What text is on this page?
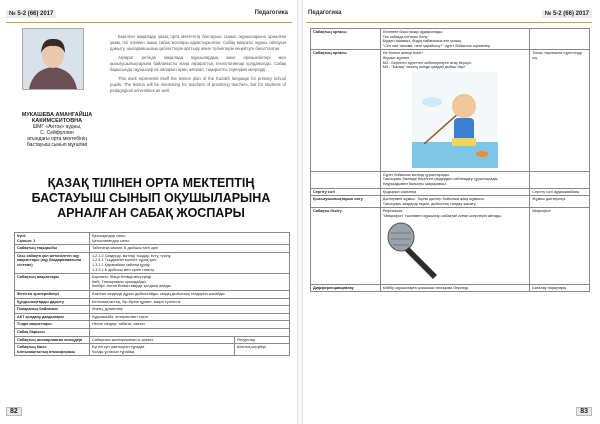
№ 5-2 (66) 2017	Педагогика
МУКАШЕВА АМАНГАЙША КАКИМСЕИТОВНА
ШМГ «Анток» аудны,
С. Сейфуллин
атындағы орта мектебінің
бастауыш сынып мұғалімі

Берілген мақалада қазақ орта мектептің бастауыш сынып оқушыларына арналған қазақ тілі пәнінен ашық сабақ жоспары қарастырылған. Сабақ мақсаты оқушы ойлауын дамыту, шығармашылық қабілеттерін арттыру және түсініктерін кеңейтуге бағытталған.

Ақпарат ретінде мақалада оқушылардың жеке ерекшеліктері мен қызығушылықтарына байланысты жаңа ақпараттық технологиялар қолданылды. Сабақ барысында оқушылар өз ойларын еркін жеткізіп, тақырыпты тереңірек меңгерді.

This work represents itself the lesson plan of the Kazakh language for primary school pupils. The lesson will be interesting for teachers of practicing teachers, but for students of pedagogical universities as well.

ҚАЗАҚ ТІЛІНЕН ОРТА МЕКТЕПТІҢ БАСТАУЫШ СЫНЫП ОҚУШЫЛАРЫНА АРНАЛҒАН САБАҚ ЖОСПАРЫ
Күні:
Сынып: 1	Қатысқандар саны:
Қатыспағандар саны:	
Сабақтың тақырыбы	Табиғатқа саяхат. Б дыбысы мен әрпі	
Осы сабақта қол жеткізілетін оқу мақсаттары (оқу бағдарламасына сілтеме)	1.2.1.2 Сөздерді, мәтінді тыңдау, есту, түсіну.
1.2.4.1 Тыңдалған мәтінге сұрақ қою.
1.3.1.1 Қарапайым сөйлем құрау.
1.3.5.1 Б дыбысы мен әрпін таныту.	
Сабақтың мақсаттары	Барлығы: Жаңа білімді меңгереді.
Көбі: Тапсырманы орындайды.
Кейбірі: Алған білімін өмірде қолдана алады.	
Жетістік критерийлері	Аталған сөздерді дұрыс дыбыстайды, сөздің дыбыстық талдауын жасайды.	
Құндылықтарды дарыту	Ынтымақтастық, бір-біріне құрмет, өзара түсіністік.	
Пәнаралық байланыс	Өзінің, дүниетану	
АКТ қолдану дағдылары	Аудиожазба, интерактивті тақта	
Тілдік мақсаттары	Негізгі сөздер: табиғат, саяхат	
Сабақ барысы		
Сабақтың жоспарланған кезеңдері	Сабақтағы жоспарланған іс-әрекет	Ресурстар
Сабақтың басы
Ынтымақтастық атмосферасы	Бүгінгі күн шаттықтан тұрады!
Қолды ұстасып тұрайық.	Шаттық шеңбері
82
Педагогика	№ 5-2 (66) 2017
Сабақтың ортасы	Әліппеге баса назар аударылады.
Тек сабаққа ынталы болу.
Бірден ашамыз, біздің сабағымыз өте қызық.
"Сен сия тасыма, неге қарайсың?" сурет бойынша әңгімелеу.	

Сабақтың ортасы	Не болып жатыр екен?
Жұмыс жұппен
М2 - Берілген суреттегі кейіпкерлерге атау беріңіз.
М3 - "Балық" сөзінің ішінде қандай дыбыс бар?	Топыс тақтасына суреттерді ілу.

	Сурет бойынша мәтінді құрастырады.
Тапсырма: бөлімде берілген сөздерден сөйлемдер құрастырады.
Наурыздымен балықты шақырамыз.	

Сергіту сәті	Қыдырып саяхатқа	Сергіту сәті аудиожазбасы

Қызығушылықтарын ояту	Дәптермен жұмыс. Торлы дәптер бойынша жазу жұмысы.
Тапсырма: көздерді тауып, дыбыстық талдау жасату.	Жұмыс дәптерлері

Сабақты бекіту	Рефлексия
"Микрофон" тәсілімен оқушылар сабақтан алған әсерлерін айтады.	Микрофон

Дифференциациялау	Кейбір оқушыларға қосымша тапсырма беріледі.	Бағалау парақтары
83
